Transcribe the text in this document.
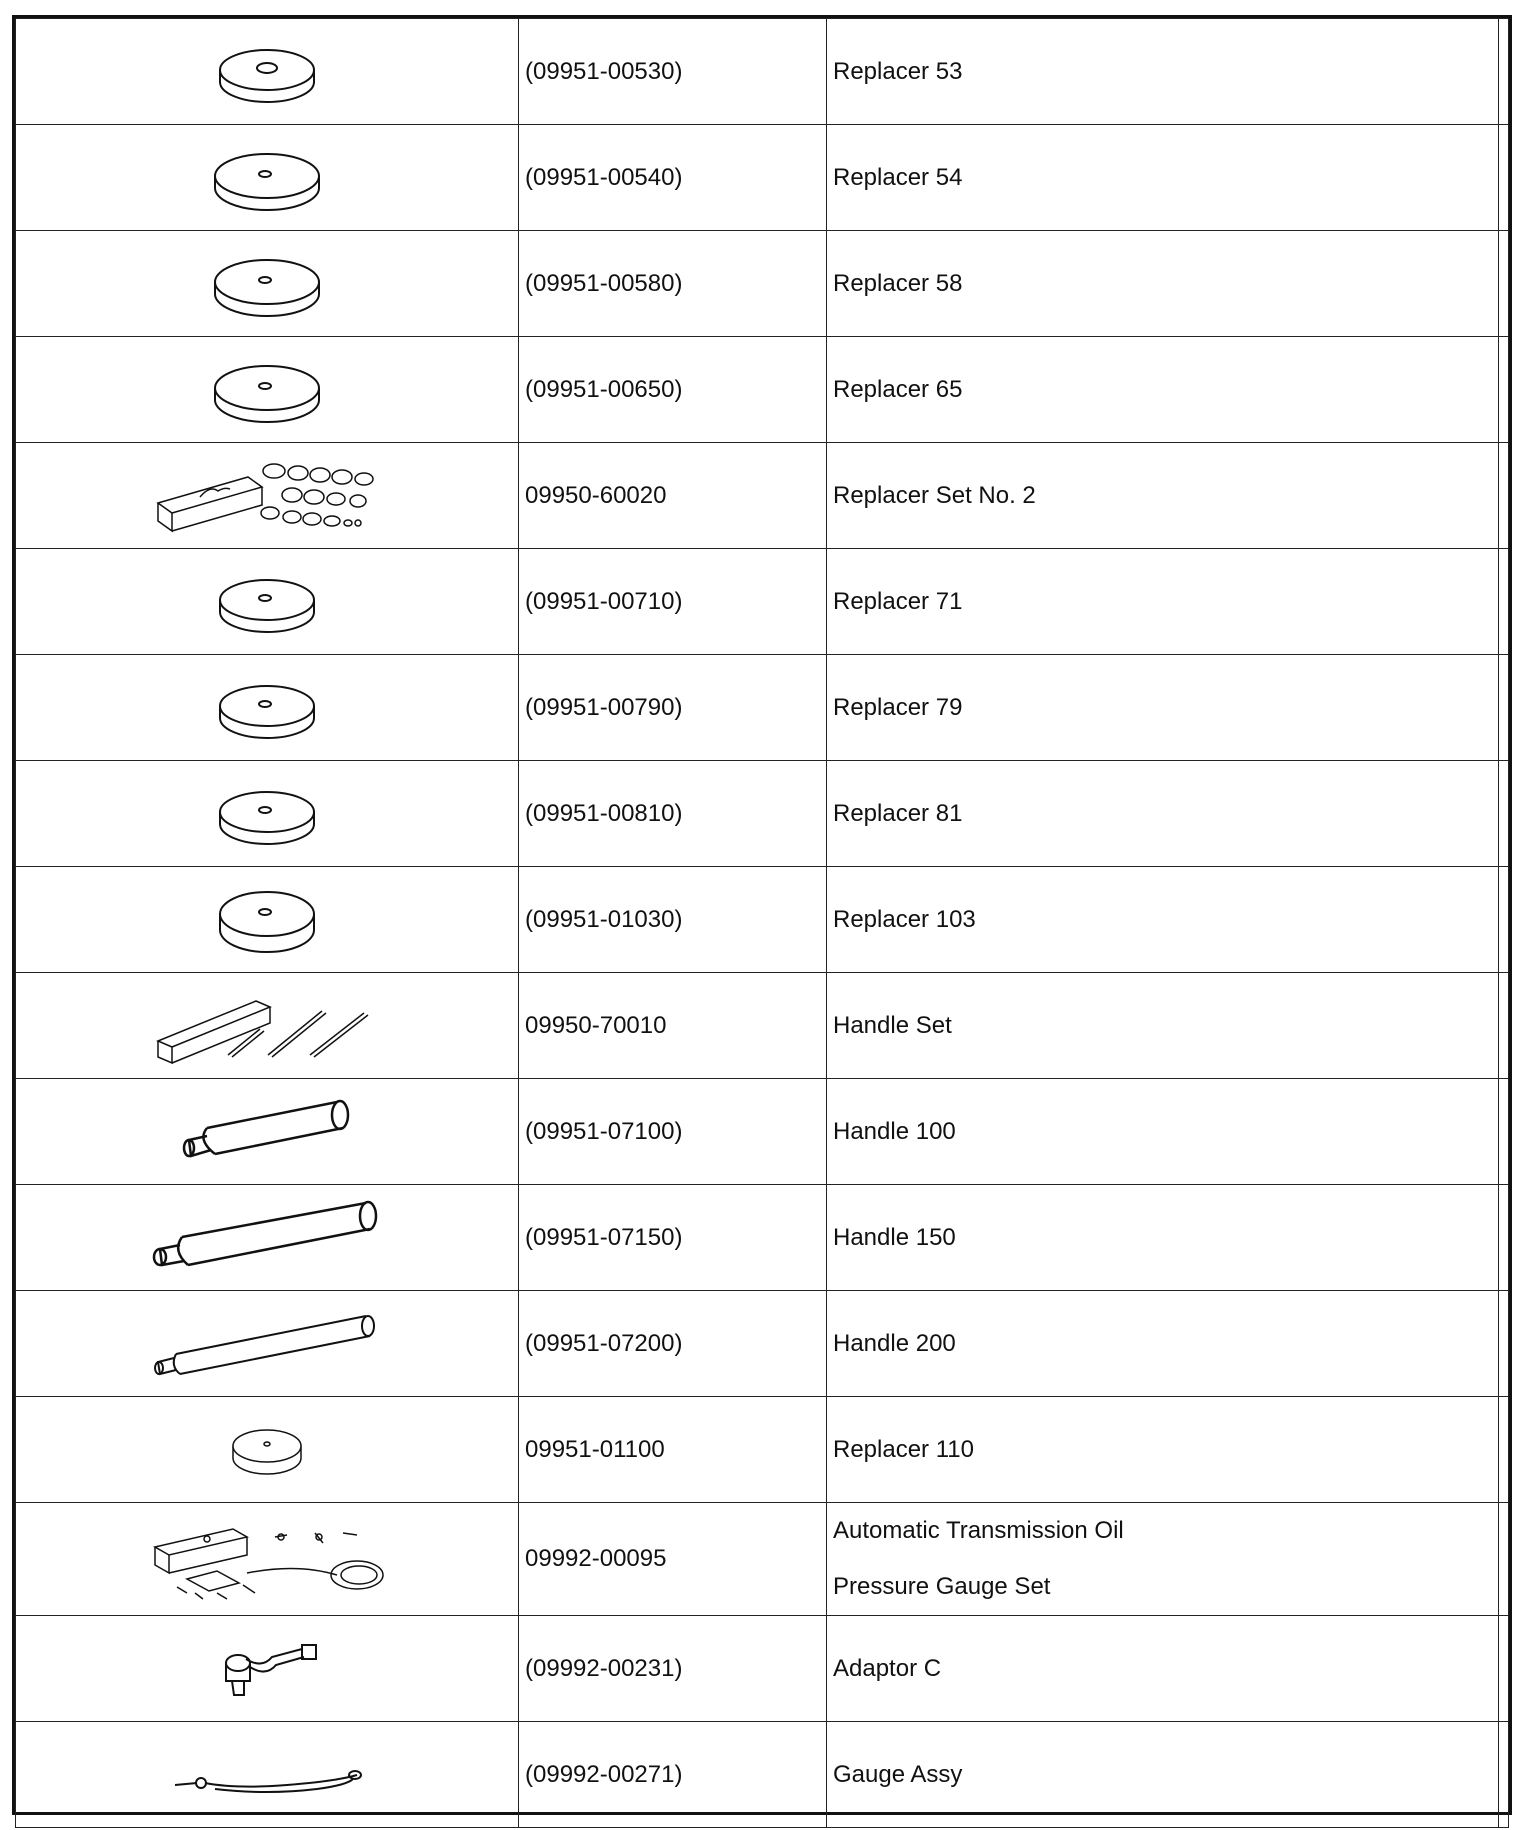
	(09951-00530)	Replacer 53	

	(09951-00540)	Replacer 54	

	(09951-00580)	Replacer 58	

	(09951-00650)	Replacer 65	

	09950-60020	Replacer Set No. 2	

	(09951-00710)	Replacer 71	

	(09951-00790)	Replacer 79	

	(09951-00810)	Replacer 81	

	(09951-01030)	Replacer 103	

	09950-70010	Handle Set	

	(09951-07100)	Handle 100	

	(09951-07150)	Handle 150	

	(09951-07200)	Handle 200	

	09951-01100	Replacer 110	

	09992-00095	Automatic Transmission Oil
Pressure Gauge Set	

	(09992-00231)	Adaptor C	

	(09992-00271)	Gauge Assy	
